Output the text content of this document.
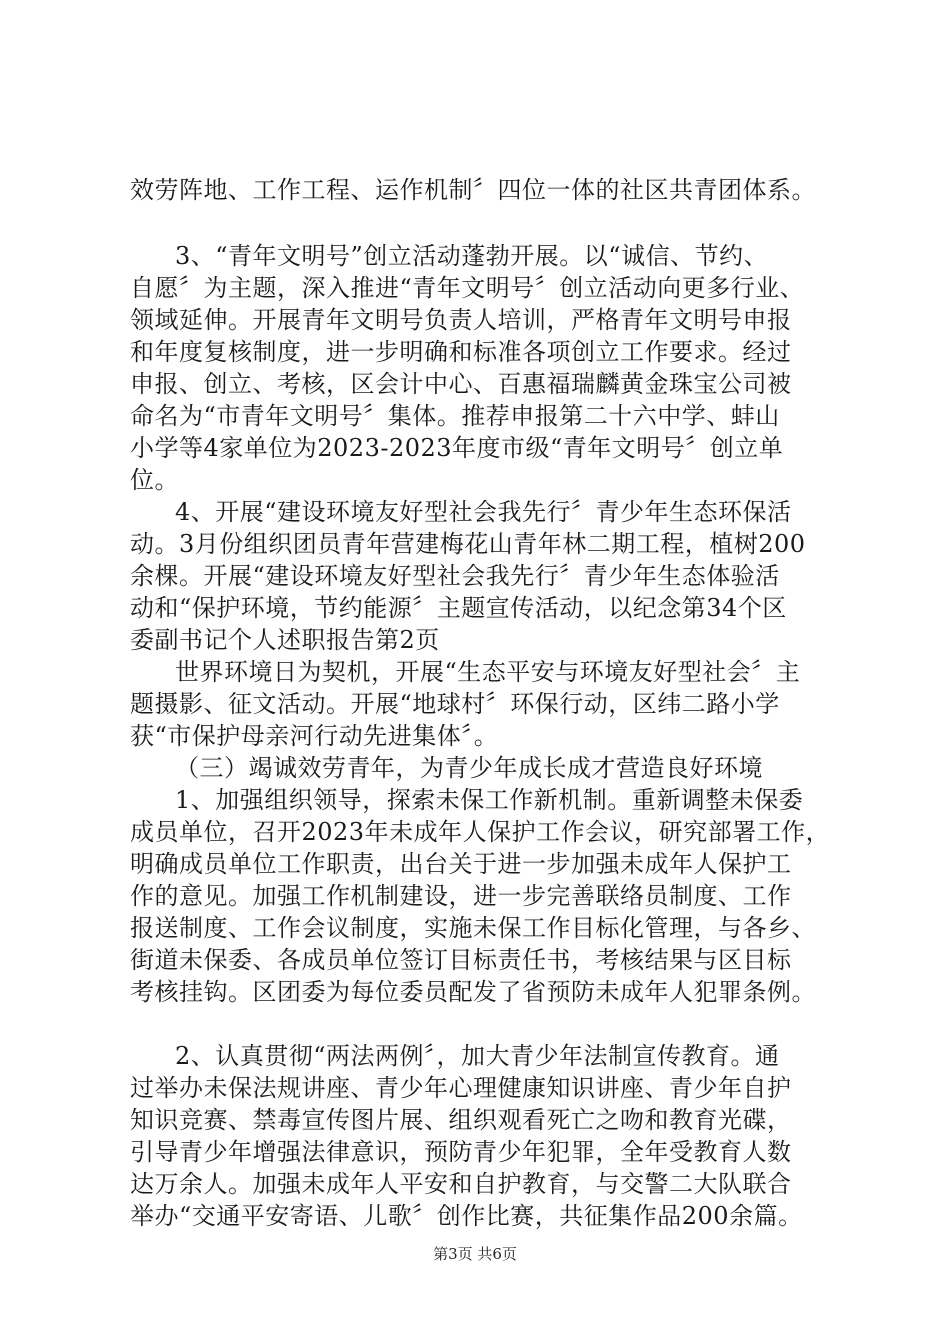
效劳阵地、工作工程、运作机制〞四位一体的社区共青团体系。
3、“青年文明号”创立活动蓬勃开展。以“诚信、节约、
自愿〞为主题，深入推进“青年文明号〞创立活动向更多行业、
领域延伸。开展青年文明号负责人培训，严格青年文明号申报
和年度复核制度，进一步明确和标准各项创立工作要求。经过
申报、创立、考核，区会计中心、百惠福瑞麟黄金珠宝公司被
命名为“市青年文明号〞集体。推荐申报第二十六中学、蚌山
小学等4家单位为2023-2023年度市级“青年文明号〞创立单
位。
4、开展“建设环境友好型社会我先行〞青少年生态环保活
动。3月份组织团员青年营建梅花山青年林二期工程，植树200
余棵。开展“建设环境友好型社会我先行〞青少年生态体验活
动和“保护环境，节约能源〞主题宣传活动，以纪念第34个区
委副书记个人述职报告第2页
世界环境日为契机，开展“生态平安与环境友好型社会〞主
题摄影、征文活动。开展“地球村〞环保行动，区纬二路小学
获“市保护母亲河行动先进集体〞。
（三）竭诚效劳青年，为青少年成长成才营造良好环境
1、加强组织领导，探索未保工作新机制。重新调整未保委
成员单位，召开2023年未成年人保护工作会议，研究部署工作，
明确成员单位工作职责，出台关于进一步加强未成年人保护工
作的意见。加强工作机制建设，进一步完善联络员制度、工作
报送制度、工作会议制度，实施未保工作目标化管理，与各乡、
街道未保委、各成员单位签订目标责任书，考核结果与区目标
考核挂钩。区团委为每位委员配发了省预防未成年人犯罪条例。
2、认真贯彻“两法两例〞，加大青少年法制宣传教育。通
过举办未保法规讲座、青少年心理健康知识讲座、青少年自护
知识竞赛、禁毒宣传图片展、组织观看死亡之吻和教育光碟，
引导青少年增强法律意识，预防青少年犯罪，全年受教育人数
达万余人。加强未成年人平安和自护教育，与交警二大队联合
举办“交通平安寄语、儿歌〞创作比赛，共征集作品200余篇。
第3页 共6页
